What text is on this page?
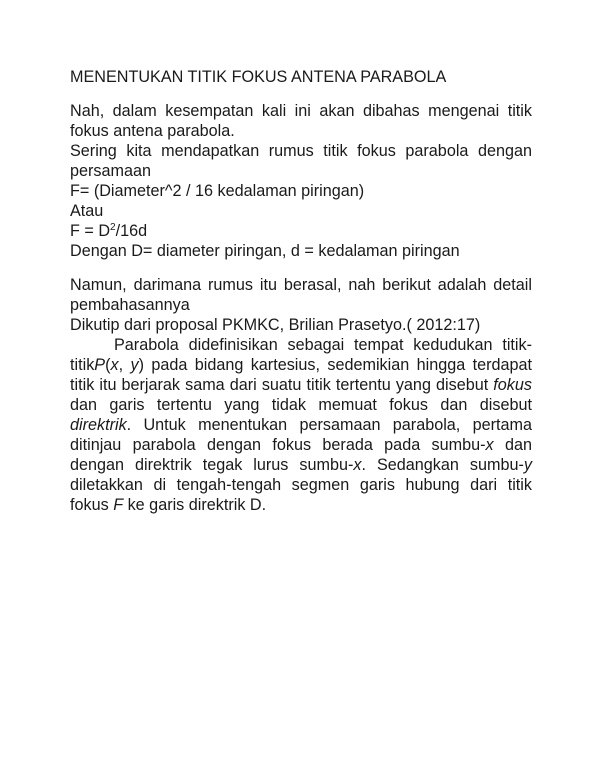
MENENTUKAN TITIK FOKUS ANTENA PARABOLA

Nah, dalam kesempatan kali ini akan dibahas mengenai titik fokus antena parabola.

Sering kita mendapatkan rumus titik fokus parabola dengan persamaan

F= (Diameter^2 / 16 kedalaman piringan)

Atau

$F = D^2/16d$

Dengan D= diameter piringan, d = kedalaman piringan

Namun, darimana rumus itu berasal, nah berikut adalah detail pembahasannya

Dikutip dari proposal PKMKC, Brilian Prasetyo.( 2012:17)

Parabola didefinisikan sebagai tempat kedudukan titik-titikP(x, y) pada bidang kartesius, sedemikian hingga terdapat titik itu berjarak sama dari suatu titik tertentu yang disebut fokus dan garis tertentu yang tidak memuat fokus dan disebut direktrik. Untuk menentukan persamaan parabola, pertama ditinjau parabola dengan fokus berada pada sumbu-x dan dengan direktrik tegak lurus sumbu-x. Sedangkan sumbu-y diletakkan di tengah-tengah segmen garis hubung dari titik fokus F ke garis direktrik D.
